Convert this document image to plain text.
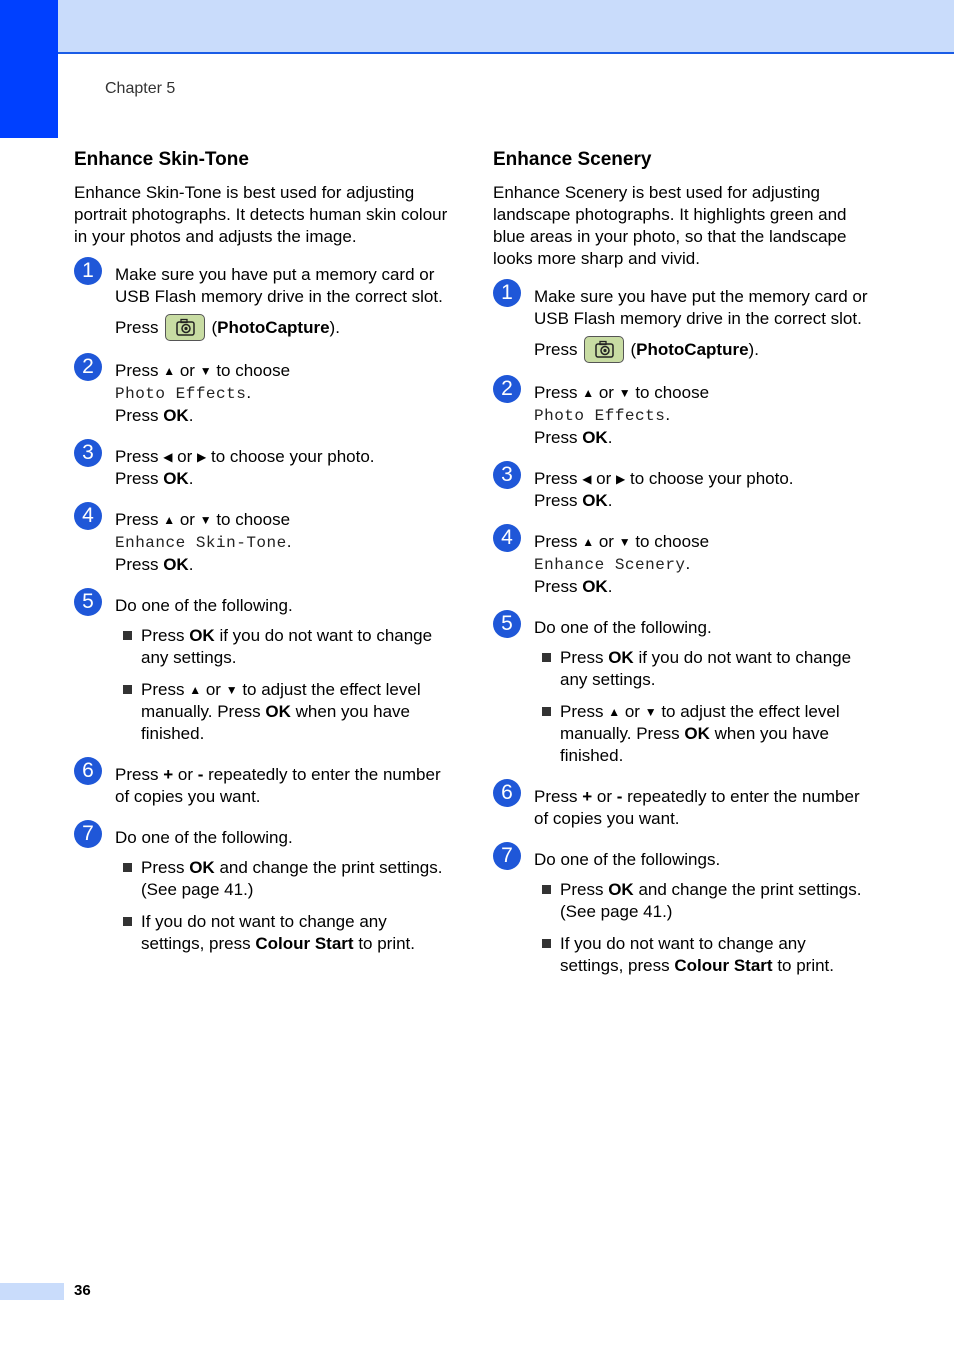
Chapter 5
Enhance Skin-Tone

Enhance Skin-Tone is best used for adjusting portrait photographs. It detects human skin colour in your photos and adjusts the image.

1	Make sure you have put a memory card or USB Flash memory drive in the correct slot.
Press	(PhotoCapture).
2	Press ▲ or ▼ to choose
Photo Effects.
Press OK.
3	Press ◀ or ▶ to choose your photo.
Press OK.
4	Press ▲ or ▼ to choose
Enhance Skin-Tone.
Press OK.
5	Do one of the following.
Press OK if you do not want to change any settings.
Press ▲ or ▼ to adjust the effect level manually. Press OK when you have finished.
6	Press + or - repeatedly to enter the number of copies you want.
7	Do one of the following.
Press OK and change the print settings. (See page 41.)
If you do not want to change any settings, press Colour Start to print.
Enhance Scenery

Enhance Scenery is best used for adjusting landscape photographs. It highlights green and blue areas in your photo, so that the landscape looks more sharp and vivid.

1	Make sure you have put the memory card or USB Flash memory drive in the correct slot.
Press	(PhotoCapture).
2	Press ▲ or ▼ to choose
Photo Effects.
Press OK.
3	Press ◀ or ▶ to choose your photo.
Press OK.
4	Press ▲ or ▼ to choose
Enhance Scenery.
Press OK.
5	Do one of the following.
Press OK if you do not want to change any settings.
Press ▲ or ▼ to adjust the effect level manually. Press OK when you have finished.
6	Press + or - repeatedly to enter the number of copies you want.
7	Do one of the followings.
Press OK and change the print settings. (See page 41.)
If you do not want to change any settings, press Colour Start to print.
36
